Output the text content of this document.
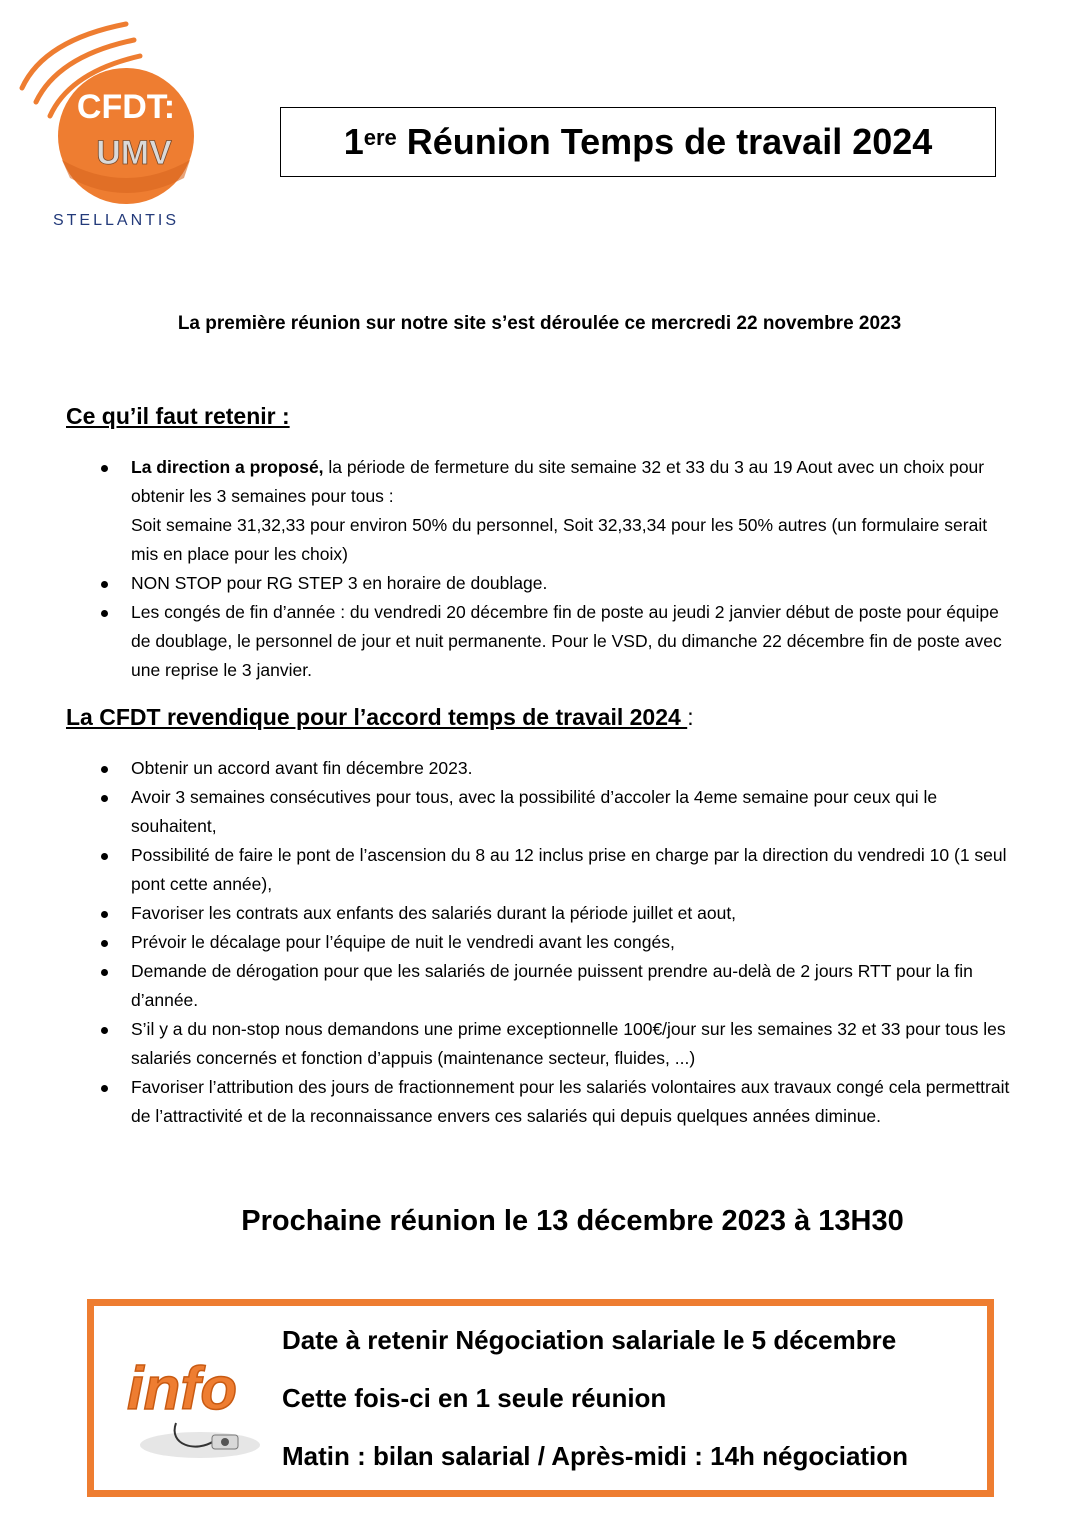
CFDT:
UMV
STELLANTIS
1ere Réunion Temps de travail 2024
La première réunion sur notre site s’est déroulée ce mercredi 22 novembre 2023
Ce qu’il faut retenir :
La direction a proposé, la période de fermeture du site semaine 32 et 33 du 3 au 19 Aout avec un choix pour obtenir les 3 semaines pour tous :
Soit semaine 31,32,33 pour environ 50% du personnel, Soit 32,33,34 pour les 50% autres (un formulaire serait mis en place pour les choix)
NON STOP pour RG STEP 3 en horaire de doublage.
Les congés de fin d’année : du vendredi 20 décembre fin de poste au jeudi 2 janvier début de poste pour équipe de doublage, le personnel de jour et nuit permanente. Pour le VSD, du dimanche 22 décembre fin de poste avec une reprise le 3 janvier.
La CFDT revendique pour l’accord temps de travail 2024 :
Obtenir un accord avant fin décembre 2023.
Avoir 3 semaines consécutives pour tous, avec la possibilité d’accoler la 4eme semaine pour ceux qui le souhaitent,
Possibilité de faire le pont de l’ascension du 8 au 12 inclus prise en charge par la direction du vendredi 10 (1 seul pont cette année),
Favoriser les contrats aux enfants des salariés durant la période juillet et aout,
Prévoir le décalage pour l’équipe de nuit le vendredi avant les congés,
Demande de dérogation pour que les salariés de journée puissent prendre au-delà de 2 jours RTT pour la fin d’année.
S’il y a du non-stop nous demandons une prime exceptionnelle 100€/jour sur les semaines 32 et 33 pour tous les salariés concernés et fonction d’appuis (maintenance secteur, fluides, ...)
Favoriser l’attribution des jours de fractionnement pour les salariés volontaires aux travaux congé cela permettrait de l’attractivité et de la reconnaissance envers ces salariés qui depuis quelques années diminue.
Prochaine réunion le 13 décembre 2023 à 13H30
info
Date à retenir Négociation salariale le 5 décembre
Cette fois-ci en 1 seule réunion
Matin : bilan salarial / Après-midi : 14h négociation
